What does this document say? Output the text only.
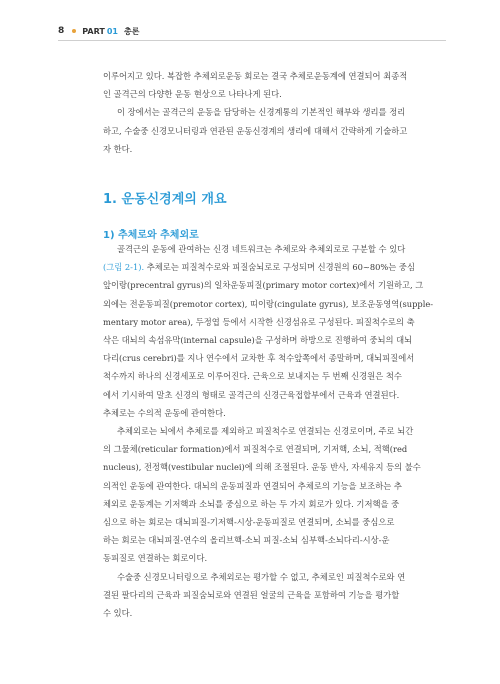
8 PART 01 총론
이루어지고 있다. 복잡한 추체외로운동 회로는 결국 추체로운동계에 연결되어 최종적
인 골격근의 다양한 운동 현상으로 나타나게 된다.
이 장에서는 골격근의 운동을 담당하는 신경계통의 기본적인 해부와 생리를 정리
하고, 수술중 신경모니터링과 연관된 운동신경계의 생리에 대해서 간략하게 기술하고
자 한다.
1. 운동신경계의 개요
1) 추체로와 추체외로
골격근의 운동에 관여하는 신경 네트워크는 추체로와 추체외로로 구분할 수 있다
(그림 2-1). 추체로는 피질척수로와 피질숨뇌로로 구성되며 신경원의 60~80%는 중심
앞이랑(precentral gyrus)의 일차운동피질(primary motor cortex)에서 기원하고, 그
외에는 전운동피질(premotor cortex), 띠이랑(cingulate gyrus), 보조운동영역(supple-
mentary motor area), 두정엽 등에서 시작한 신경섬유로 구성된다. 피질척수로의 축
삭은 대뇌의 속섬유막(internal capsule)을 구성하며 하방으로 진행하여 중뇌의 대뇌
다리(crus cerebri)를 지나 연수에서 교차한 후 척수앞쪽에서 종말하며, 대뇌피질에서
척수까지 하나의 신경세포로 이루어진다. 근육으로 보내지는 두 번째 신경원은 척수
에서 기시하여 말초 신경의 형태로 골격근의 신경근육접합부에서 근육과 연결된다.
추체로는 수의적 운동에 관여한다.
추체외로는 뇌에서 추체로를 제외하고 피질척수로 연결되는 신경로이며, 주로 뇌간
의 그물체(reticular formation)에서 피질척수로 연결되며, 기저핵, 소뇌, 적핵(red
nucleus), 전정핵(vestibular nuclei)에 의해 조절된다. 운동 반사, 자세유지 등의 불수
의적인 운동에 관여한다. 대뇌의 운동피질과 연결되어 추체로의 기능을 보조하는 추
체외로 운동계는 기저핵과 소뇌를 중심으로 하는 두 가지 회로가 있다. 기저핵을 중
심으로 하는 회로는 대뇌피질-기저핵-시상-운동피질로 연결되며, 소뇌를 중심으로
하는 회로는 대뇌피질-연수의 올리브핵-소뇌 피질-소뇌 심부핵-소뇌다리-시상-운
동피질로 연결하는 회로이다.
수술중 신경모니터링으로 추체외로는 평가할 수 없고, 추체로인 피질척수로와 연
결된 팔다리의 근육과 피질숨뇌로와 연결된 얼굴의 근육을 포함하여 기능을 평가할
수 있다.
